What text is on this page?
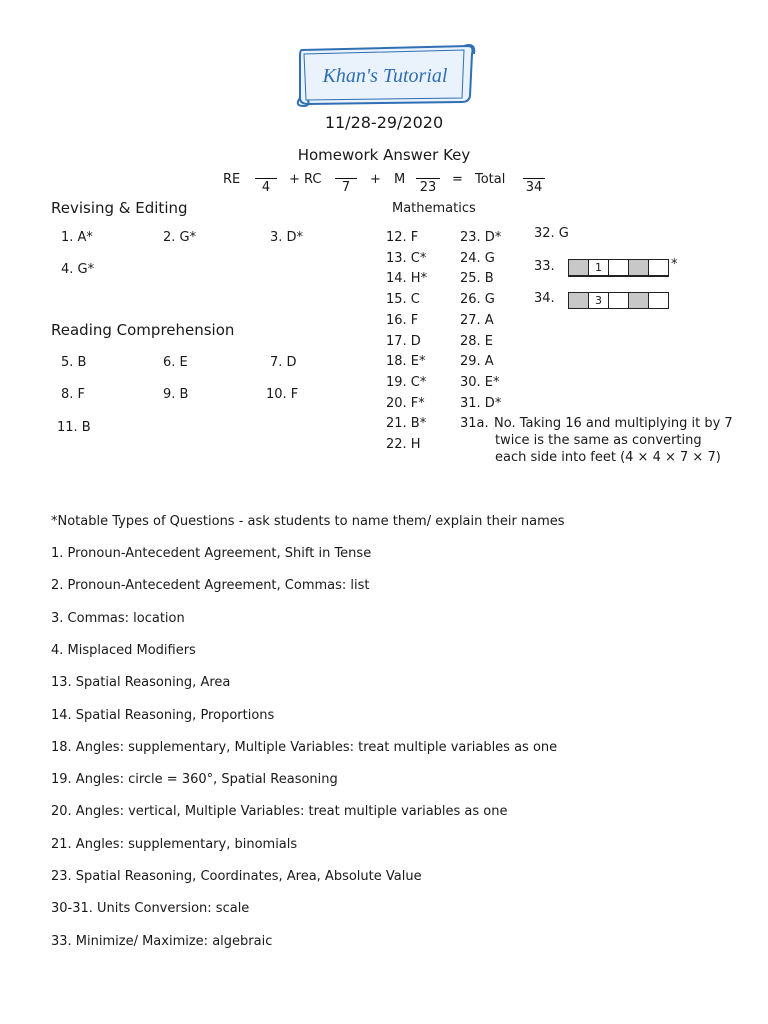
Khan's Tutorial
11/28-29/2020
Homework Answer Key
RE
4
+ RC
7
+ M
23
= Total
34
Revising & Editing
1. A*	2. G*	3. D*
4. G*
Reading Comprehension
5. B	6. E	7. D
8. F	9. B	10. F
11. B
Mathematics
12. F
13. C*
14. H*
15. C
16. F
17. D
18. E*
19. C*
20. F*
21. B*
22. H
23. D*
24. G
25. B
26. G
27. A
28. E
29. A
30. E*
31. D*
31a. No. Taking 16 and multiplying it by 7 twice is the same as converting each side into feet (4 × 4 × 7 × 7)
32. G
33.	1	*
34.	3
*Notable Types of Questions - ask students to name them/ explain their names
1. Pronoun-Antecedent Agreement, Shift in Tense
2. Pronoun-Antecedent Agreement, Commas: list
3. Commas: location
4. Misplaced Modifiers
13. Spatial Reasoning, Area
14. Spatial Reasoning, Proportions
18. Angles: supplementary, Multiple Variables: treat multiple variables as one
19. Angles: circle = 360°, Spatial Reasoning
20. Angles: vertical, Multiple Variables: treat multiple variables as one
21. Angles: supplementary, binomials
23. Spatial Reasoning, Coordinates, Area, Absolute Value
30-31. Units Conversion: scale
33. Minimize/ Maximize: algebraic
